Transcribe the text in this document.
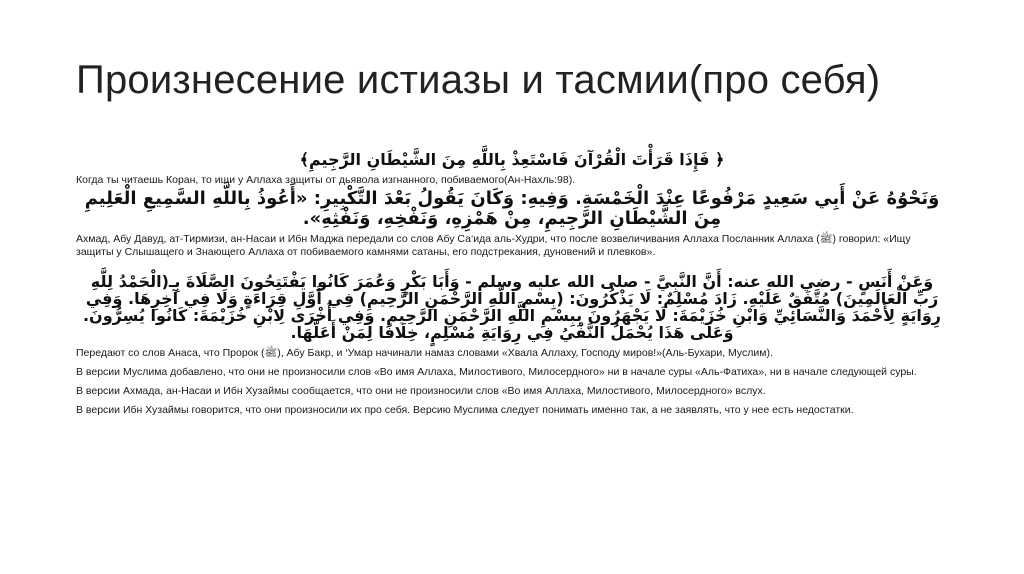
Произнесение истиазы и тасмии(про себя)

﴿ فَإِذَا قَرَأْتَ الْقُرْآنَ فَاسْتَعِذْ بِاللَّهِ مِنَ الشَّيْطَانِ الرَّجِيمِ﴾

Когда ты читаешь Коран, то ищи у Аллаха защиты от дьявола изгнанного, побиваемого(Ан-Нахль:98).

وَنَحْوُهُ عَنْ أَبِي سَعِيدٍ مَرْفُوعًا عِنْدَ الْخَمْسَةِ. وَفِيهِ: وَكَانَ يَقُولُ بَعْدَ التَّكْبِيرِ: «أَعُوذُ بِاللَّهِ السَّمِيعِ الْعَلِيمِ مِنَ الشَّيْطَانِ الرَّجِيمِ، مِنْ هَمْزِهِ، وَنَفْخِهِ، وَنَفْثِهِ».

Ахмад, Абу Давуд, ат-Тирмизи, ан-Насаи и Ибн Маджа передали со слов Абу Са‘ида аль-Худри, что после возвеличивания Аллаха Посланник Аллаха (ﷺ) говорил: «Ищу защиты у Слышащего и Знающего Аллаха от побиваемого камнями сатаны, его подстрекания, дуновений и плевков».

وَعَنْ أَنَسٍ - رضي الله عنه: أَنَّ النَّبِيَّ - صلى الله عليه وسلم - وَأَبَا بَكْرٍ وَعُمَرَ كَانُوا يَفْتَتِحُونَ الصَّلَاةَ بِـ(الْحَمْدُ لِلَّهِ رَبِّ الْعَالَمِينَ) مُتَّفَقٌ عَلَيْهِ. زَادَ مُسْلِمٌ: لَا يَذْكُرُونَ: (بِسْمِ اللَّهِ الرَّحْمَنِ الرَّحِيمِ) فِي أَوَّلِ قِرَاءَةٍ وَلَا فِي آخِرِهَا. وَفِي رِوَايَةٍ لِأَحْمَدَ وَالنَّسَائِيِّ وَابْنِ خُزَيْمَةَ: لَا يَجْهَرُونَ بِبِسْمِ اللَّهِ الرَّحْمَنِ الرَّحِيمِ. وَفِي أُخْرَى لِابْنِ خُزَيْمَةَ: كَانُوا يُسِرُّونَ. وَعَلَى هَذَا يُحْمَلُ النَّفْيُ فِي رِوَايَةِ مُسْلِمٍ، خِلَافًا لِمَنْ أَعَلَّهَا.

Передают со слов Анаса, что Пророк (ﷺ), Абу Бакр, и ‘Умар начинали намаз словами «Хвала Аллаху, Господу миров!»(Аль-Бухари, Муслим).

В версии Муслима добавлено, что они не произносили слов «Во имя Аллаха, Милостивого, Милосердного» ни в начале суры «Аль-Фатиха», ни в начале следующей суры.

В версии Ахмада, ан-Насаи и Ибн Хузаймы сообщается, что они не произносили слов «Во имя Аллаха, Милостивого, Милосердного» вслух.

В версии Ибн Хузаймы говорится, что они произносили их про себя. Версию Муслима следует понимать именно так, а не заявлять, что у нее есть недостатки.
